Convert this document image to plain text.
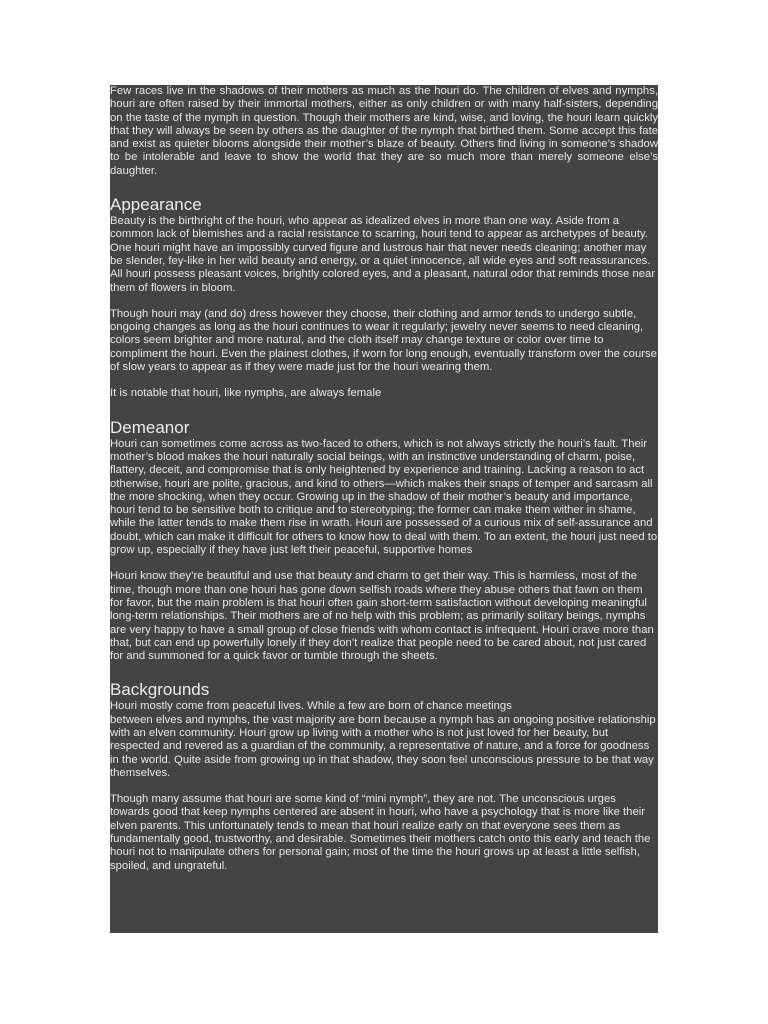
Few races live in the shadows of their mothers as much as the houri do. The children of elves and nymphs, houri are often raised by their immortal mothers, either as only children or with many half-sisters, depending on the taste of the nymph in question. Though their mothers are kind, wise, and loving, the houri learn quickly that they will always be seen by others as the daughter of the nymph that birthed them. Some accept this fate and exist as quieter blooms alongside their mother’s blaze of beauty. Others find living in someone’s shadow to be intolerable and leave to show the world that they are so much more than merely someone else’s daughter.

Appearance

Beauty is the birthright of the houri, who appear as idealized elves in more than one way. Aside from a common lack of blemishes and a racial resistance to scarring, houri tend to appear as archetypes of beauty. One houri might have an impossibly curved figure and lustrous hair that never needs cleaning; another may be slender, fey-like in her wild beauty and energy, or a quiet innocence, all wide eyes and soft reassurances. All houri possess pleasant voices, brightly colored eyes, and a pleasant, natural odor that reminds those near them of flowers in bloom.

Though houri may (and do) dress however they choose, their clothing and armor tends to undergo subtle, ongoing changes as long as the houri continues to wear it regularly; jewelry never seems to need cleaning, colors seem brighter and more natural, and the cloth itself may change texture or color over time to compliment the houri. Even the plainest clothes, if worn for long enough, eventually transform over the course of slow years to appear as if they were made just for the houri wearing them.

It is notable that houri, like nymphs, are always female

Demeanor

Houri can sometimes come across as two-faced to others, which is not always strictly the houri’s fault. Their mother’s blood makes the houri naturally social beings, with an instinctive understanding of charm, poise, flattery, deceit, and compromise that is only heightened by experience and training. Lacking a reason to act otherwise, houri are polite, gracious, and kind to others—which makes their snaps of temper and sarcasm all the more shocking, when they occur. Growing up in the shadow of their mother’s beauty and importance, houri tend to be sensitive both to critique and to stereotyping; the former can make them wither in shame, while the latter tends to make them rise in wrath. Houri are possessed of a curious mix of self-assurance and doubt, which can make it difficult for others to know how to deal with them. To an extent, the houri just need to grow up, especially if they have just left their peaceful, supportive homes

Houri know they’re beautiful and use that beauty and charm to get their way. This is harmless, most of the time, though more than one houri has gone down selfish roads where they abuse others that fawn on them for favor, but the main problem is that houri often gain short-term satisfaction without developing meaningful long-term relationships. Their mothers are of no help with this problem; as primarily solitary beings, nymphs are very happy to have a small group of close friends with whom contact is infrequent. Houri crave more than that, but can end up powerfully lonely if they don’t realize that people need to be cared about, not just cared for and summoned for a quick favor or tumble through the sheets.

Backgrounds

Houri mostly come from peaceful lives. While a few are born of chance meetings
between elves and nymphs, the vast majority are born because a nymph has an ongoing positive relationship with an elven community. Houri grow up living with a mother who is not just loved for her beauty, but respected and revered as a guardian of the community, a representative of nature, and a force for goodness in the world. Quite aside from growing up in that shadow, they soon feel unconscious pressure to be that way themselves.

Though many assume that houri are some kind of “mini nymph”, they are not. The unconscious urges towards good that keep nymphs centered are absent in houri, who have a psychology that is more like their elven parents. This unfortunately tends to mean that houri realize early on that everyone sees them as fundamentally good, trustworthy, and desirable. Sometimes their mothers catch onto this early and teach the houri not to manipulate others for personal gain; most of the time the houri grows up at least a little selfish, spoiled, and ungrateful.
